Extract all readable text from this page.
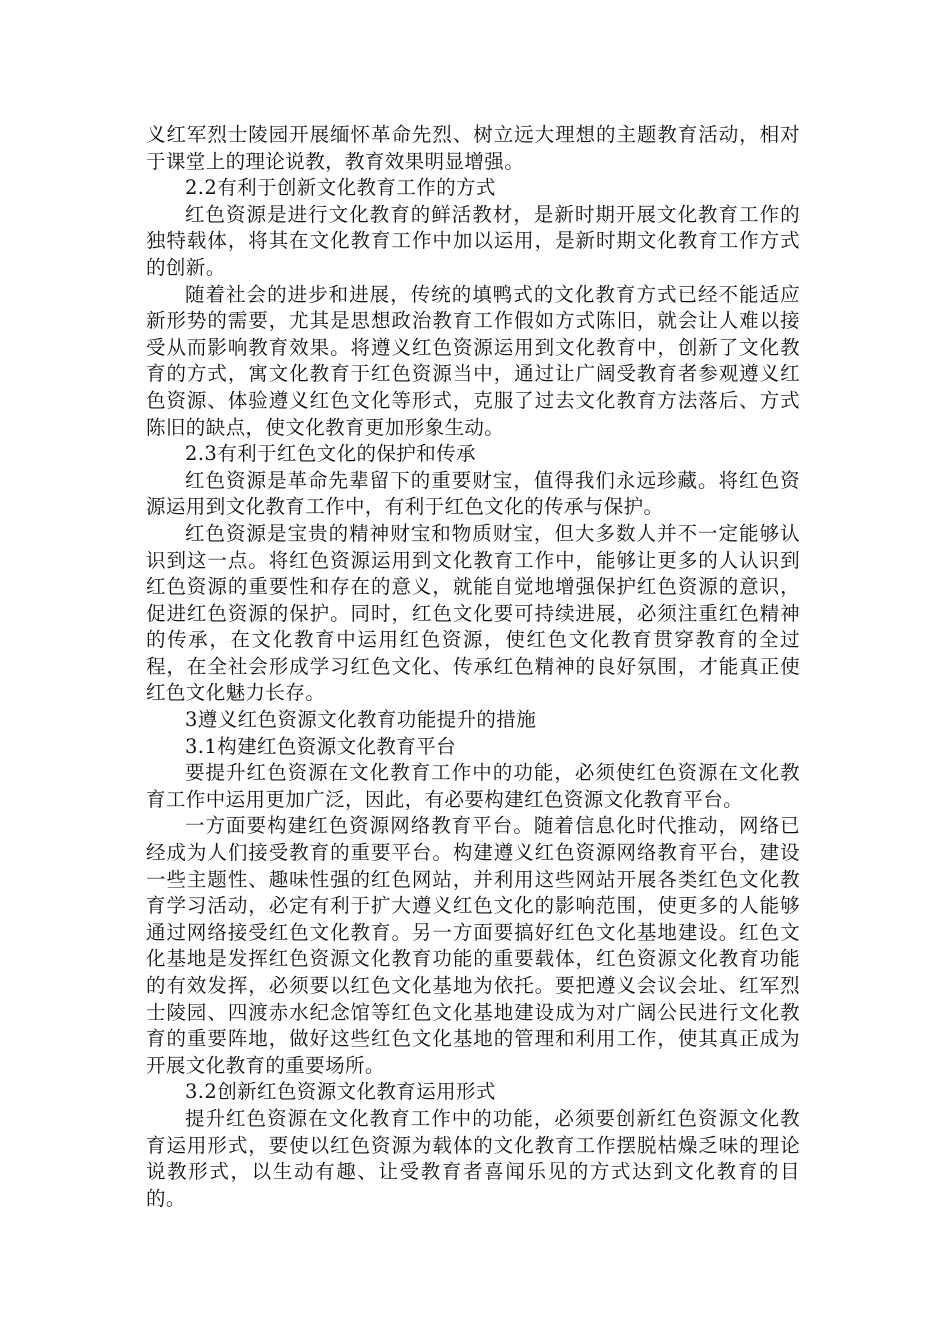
义红军烈士陵园开展缅怀革命先烈、树立远大理想的主题教育活动，相对于课堂上的理论说教，教育效果明显增强。

2.2有利于创新文化教育工作的方式

红色资源是进行文化教育的鲜活教材，是新时期开展文化教育工作的独特载体，将其在文化教育工作中加以运用，是新时期文化教育工作方式的创新。

随着社会的进步和进展，传统的填鸭式的文化教育方式已经不能适应新形势的需要，尤其是思想政治教育工作假如方式陈旧，就会让人难以接受从而影响教育效果。将遵义红色资源运用到文化教育中，创新了文化教育的方式，寓文化教育于红色资源当中，通过让广阔受教育者参观遵义红色资源、体验遵义红色文化等形式，克服了过去文化教育方法落后、方式陈旧的缺点，使文化教育更加形象生动。

2.3有利于红色文化的保护和传承

红色资源是革命先辈留下的重要财宝，值得我们永远珍藏。将红色资源运用到文化教育工作中，有利于红色文化的传承与保护。

红色资源是宝贵的精神财宝和物质财宝，但大多数人并不一定能够认识到这一点。将红色资源运用到文化教育工作中，能够让更多的人认识到红色资源的重要性和存在的意义，就能自觉地增强保护红色资源的意识，促进红色资源的保护。同时，红色文化要可持续进展，必须注重红色精神的传承，在文化教育中运用红色资源，使红色文化教育贯穿教育的全过程，在全社会形成学习红色文化、传承红色精神的良好氛围，才能真正使红色文化魅力长存。

3遵义红色资源文化教育功能提升的措施

3.1构建红色资源文化教育平台

要提升红色资源在文化教育工作中的功能，必须使红色资源在文化教育工作中运用更加广泛，因此，有必要构建红色资源文化教育平台。

一方面要构建红色资源网络教育平台。随着信息化时代推动，网络已经成为人们接受教育的重要平台。构建遵义红色资源网络教育平台，建设一些主题性、趣味性强的红色网站，并利用这些网站开展各类红色文化教育学习活动，必定有利于扩大遵义红色文化的影响范围，使更多的人能够通过网络接受红色文化教育。另一方面要搞好红色文化基地建设。红色文化基地是发挥红色资源文化教育功能的重要载体，红色资源文化教育功能的有效发挥，必须要以红色文化基地为依托。要把遵义会议会址、红军烈士陵园、四渡赤水纪念馆等红色文化基地建设成为对广阔公民进行文化教育的重要阵地，做好这些红色文化基地的管理和利用工作，使其真正成为开展文化教育的重要场所。

3.2创新红色资源文化教育运用形式

提升红色资源在文化教育工作中的功能，必须要创新红色资源文化教育运用形式，要使以红色资源为载体的文化教育工作摆脱枯燥乏味的理论说教形式，以生动有趣、让受教育者喜闻乐见的方式达到文化教育的目的。
